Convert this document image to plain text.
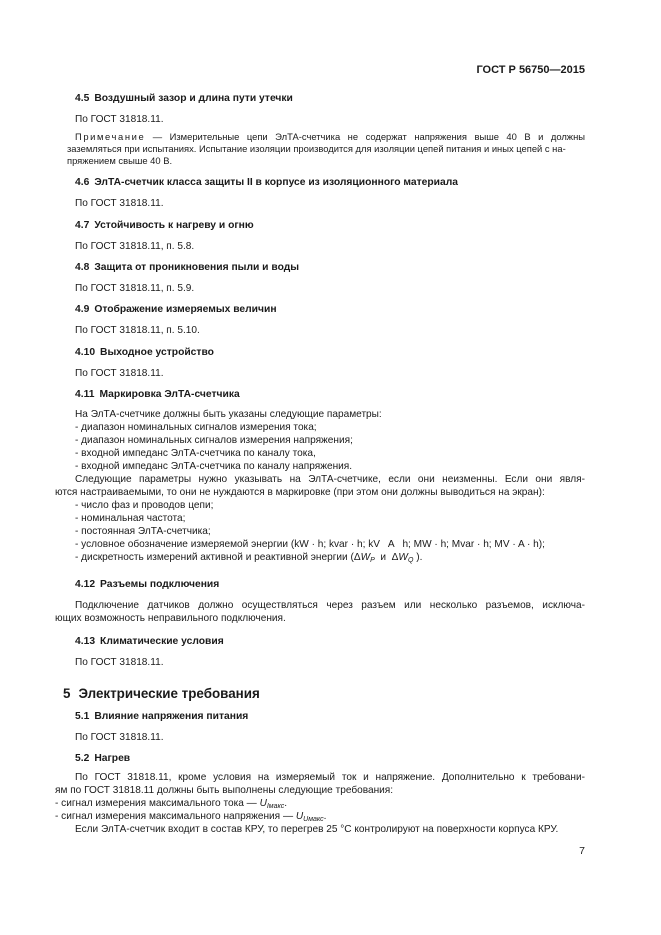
ГОСТ Р 56750—2015
4.5 Воздушный зазор и длина пути утечки
По ГОСТ 31818.11.
Примечание — Измерительные цепи ЭлТА-счетчика не содержат напряжения выше 40 В и должны
заземляться при испытаниях. Испытание изоляции производится для изоляции цепей питания и иных цепей с на-
пряжением свыше 40 В.
4.6 ЭлТА-счетчик класса защиты II в корпусе из изоляционного материала
По ГОСТ 31818.11.
4.7 Устойчивость к нагреву и огню
По ГОСТ 31818.11, п. 5.8.
4.8 Защита от проникновения пыли и воды
По ГОСТ 31818.11, п. 5.9.
4.9 Отображение измеряемых величин
По ГОСТ 31818.11, п. 5.10.
4.10 Выходное устройство
По ГОСТ 31818.11.
4.11 Маркировка ЭлТА-счетчика
На ЭлТА-счетчике должны быть указаны следующие параметры:
- диапазон номинальных сигналов измерения тока;
- диапазон номинальных сигналов измерения напряжения;
- входной импеданс ЭлТА-счетчика по каналу тока,
- входной импеданс ЭлТА-счетчика по каналу напряжения.
Следующие параметры нужно указывать на ЭлТА-счетчике, если они неизменны. Если они явля-
ются настраиваемыми, то они не нуждаются в маркировке (при этом они должны выводиться на экран):
- число фаз и проводов цепи;
- номинальная частота;
- постоянная ЭлТА-счетчика;
- условное обозначение измеряемой энергии (kW · h; kvar · h; kV   A   h; MW · h; Mvar · h; MV · A · h);
- дискретность измерений активной и реактивной энергии ($\Delta W_P$ и $\Delta W_Q$ ).
4.12 Разъемы подключения
Подключение датчиков должно осуществляться через разъем или несколько разъемов, исключа-
ющих возможность неправильного подключения.
4.13 Климатические условия
По ГОСТ 31818.11.
5 Электрические требования
5.1 Влияние напряжения питания
По ГОСТ 31818.11.
5.2 Нагрев
По ГОСТ 31818.11, кроме условия на измеряемый ток и напряжение. Дополнительно к требовани-
ям по ГОСТ 31818.11 должны быть выполнены следующие требования:
- сигнал измерения максимального тока — $U_{Iмакс}$.
- сигнал измерения максимального напряжения — $U_{Uмакс}$.
Если ЭлТА-счетчик входит в состав КРУ, то перегрев 25 °С контролируют на поверхности корпуса КРУ.
7
